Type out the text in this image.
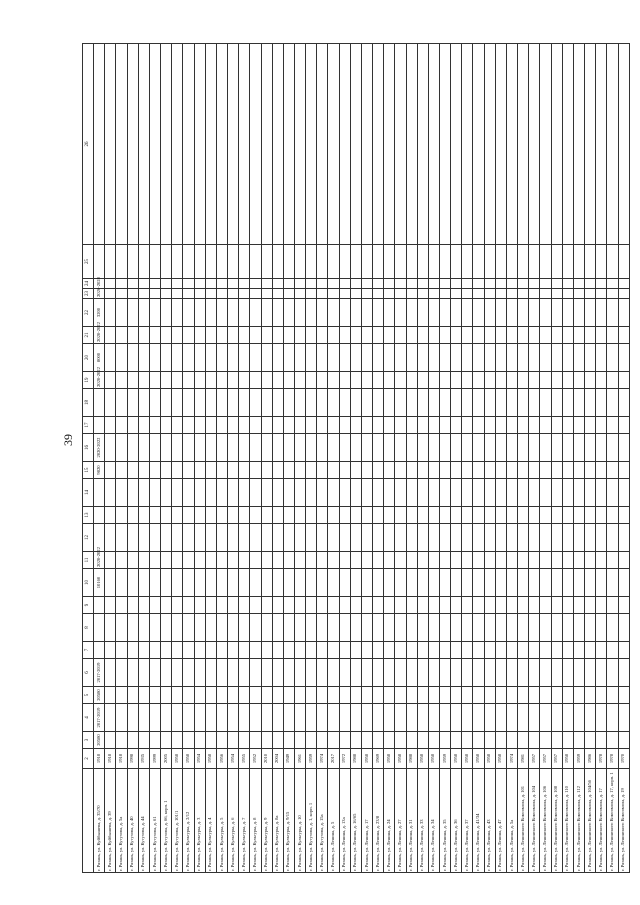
39
	2	3	4	5	6	7	8	9	10	11	12	13	14	15	16	17	18	19	20	21	22	23	24	25	26
г. Рязань, ул. Куйбышева, д. 35/70	1918	20580	2017-2019	20580	2017-2019				10160	2020-2022				9820	2020-2022			2020-2022	8000	2020-2022	3200	2026-2028			
г. Рязань, ул. Куйбышева, д. 39	1918																								
г. Рязань, ул. Кутузова, д. 5а	1918																								
г. Рязань, ул. Кутузова, д. 40	1998																								
г. Рязань, ул. Кутузова, д. 44	1935																								
г. Рязань, ул. Кутузова, д. 61	1999																								
г. Рязань, ул. Кутузова, д. 66, корп. 1	2005																								
г. Рязань, ул. Кутузова, д. 101/1	1958																								
г. Рязань, ул. Культуры, д. 2/12	1958																								
г. Рязань, ул. Культуры, д. 3	1954																								
г. Рязань, ул. Культуры, д. 4	1958																								
г. Рязань, ул. Культуры, д. 5	1956																								
г. Рязань, ул. Культуры, д. 6	1954																								
г. Рязань, ул. Культуры, д. 7	1955																								
г. Рязань, ул. Культуры, д. 8	1952																								
г. Рязань, ул. Культуры, д. 9	2010																								
г. Рязань, ул. Культуры, д. 8а	2004																								
г. Рязань, ул. Культуры, д. 9/15	1949																								
г. Рязань, ул. Культуры, д. 10	1961																								
г. Рязань, ул. Кутузова, д. 1, корп. 1	1959																								
г. Рязань, ул. Кутузова, д. 15а	1974																								
г. Рязань, ул. Ленина, д. 5	2017																								
г. Рязань, ул. Ленина, д. 13а	1972																								
г. Рязань, ул. Ленина, д. 16/65	1988																								
г. Рязань, ул. Ленина, д. 17	1958																								
г. Рязань, ул. Ленина, д. 23/8	1969																								
г. Рязань, ул. Ленина, д. 24	1958																								
г. Рязань, ул. Ленина, д. 27	1958																								
г. Рязань, ул. Ленина, д. 31	1988																								
г. Рязань, ул. Ленина, д. 33	1958																								
г. Рязань, ул. Ленина, д. 34	1958																								
г. Рязань, ул. Ленина, д. 35	1959																								
г. Рязань, ул. Ленина, д. 36	1958																								
г. Рязань, ул. Ленина, д. 37	1958																								
г. Рязань, ул. Ленина, д. 41/34	1958																								
г. Рязань, ул. Ленина, д. 43	1958																								
г. Рязань, ул. Ленина, д. 47	1958																								
г. Рязань, ул. Ленина, д. 5а	1974																								
г. Рязань, ул. Ленинского Комсомола, д. 101	1981																								
г. Рязань, ул. Ленинского Комсомола, д. 104	1957																								
г. Рязань, ул. Ленинского Комсомола, д. 106	1957																								
г. Рязань, ул. Ленинского Комсомола, д. 108	1957																								
г. Рязань, ул. Ленинского Комсомола, д. 110	1958																								
г. Рязань, ул. Ленинского Комсомола, д. 112	1959																								
г. Рязань, ул. Ленинского Комсомола, д. 104/56	1986																								
г. Рязань, ул. Ленинского Комсомола, д. 17	1978																								
г. Рязань, ул. Ленинского Комсомола, д. 17, корп. 1	1978																								
г. Рязань, ул. Ленинского Комсомола, д. 19	1970																								
